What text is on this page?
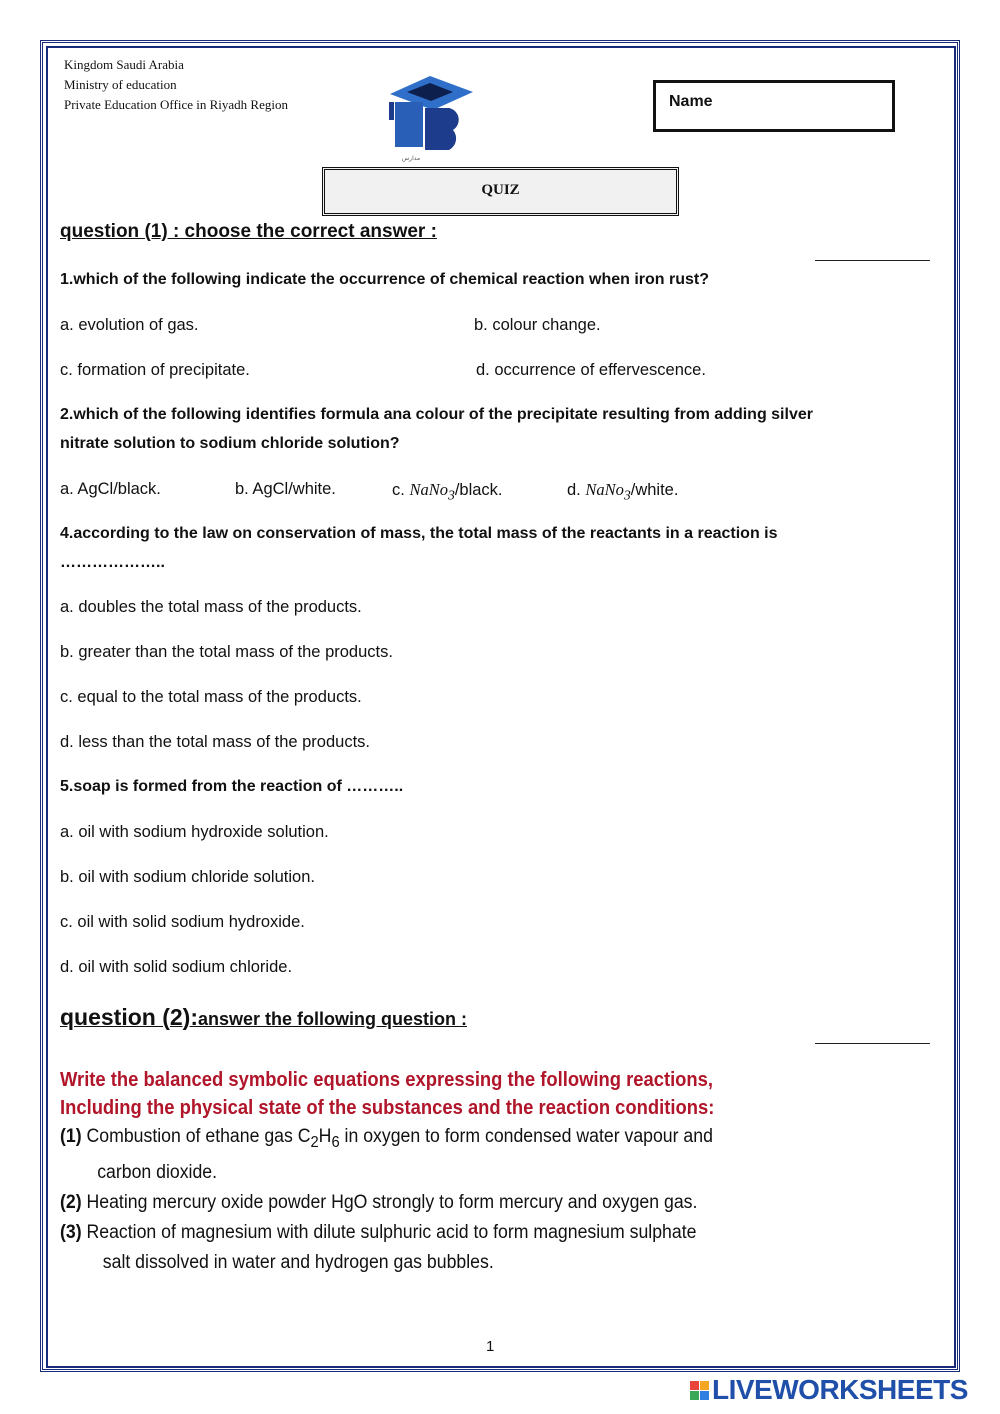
Kingdom Saudi Arabia
Ministry of education
Private Education Office in Riyadh Region
مدارس
Name
QUIZ
question (1) : choose the correct answer :
1.which of the following indicate the occurrence of chemical reaction when iron rust?
a. evolution of gas.	b. colour change.
c. formation of precipitate.	d. occurrence of effervescence.
2.which of the following identifies formula ana colour of the precipitate resulting from adding silver
nitrate solution to sodium chloride solution?
a. AgCl/black.	b. AgCl/white.	c. NaNo$_3$/black.	d. NaNo$_3$/white.
4.according to the law on conservation of mass, the total mass of the reactants in a reaction is
………………..
a. doubles the total mass of the products.
b. greater than the total mass of the products.
c. equal to the total mass of the products.
d. less than the total mass of the products.
5.soap is formed from the reaction of ………..
a. oil with sodium hydroxide solution.
b. oil with sodium chloride solution.
c. oil with solid sodium hydroxide.
d. oil with solid sodium chloride.
question (2):answer the following question :
Write the balanced symbolic equations expressing the following reactions,
Including the physical state of the substances and the reaction conditions:
(1) Combustion of ethane gas $C_2H_6$ in oxygen to form condensed water vapour and
carbon dioxide.
(2) Heating mercury oxide powder HgO strongly to form mercury and oxygen gas.
(3) Reaction of magnesium with dilute sulphuric acid to form magnesium sulphate
salt dissolved in water and hydrogen gas bubbles.
1
LIVEWORKSHEETS
